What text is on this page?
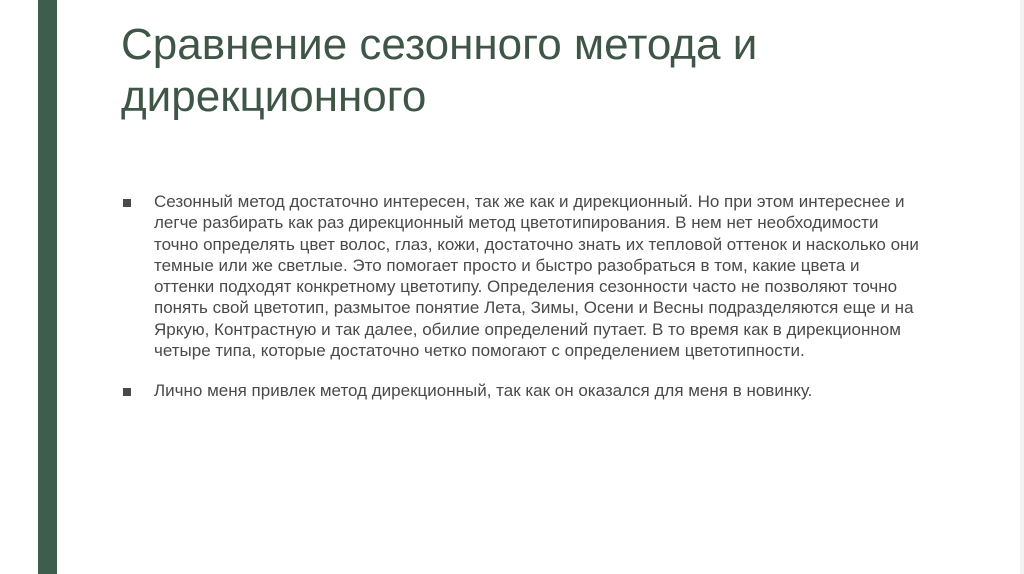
Сравнение сезонного метода и
дирекционного

Сезонный метод достаточно интересен, так же как и дирекционный. Но при этом интереснее и легче разбирать как раз дирекционный метод цветотипирования. В нем нет необходимости точно определять цвет волос, глаз, кожи, достаточно знать их тепловой оттенок и насколько они темные или же светлые. Это помогает просто и быстро разобраться в том, какие цвета и оттенки подходят конкретному цветотипу. Определения сезонности часто не позволяют точно понять свой цветотип, размытое понятие Лета, Зимы, Осени и Весны подразделяются еще и на Яркую, Контрастную и так далее, обилие определений путает. В то время как в дирекционном четыре типа, которые достаточно четко помогают с определением цветотипности.

Лично меня привлек метод дирекционный, так как он оказался для меня в новинку.
